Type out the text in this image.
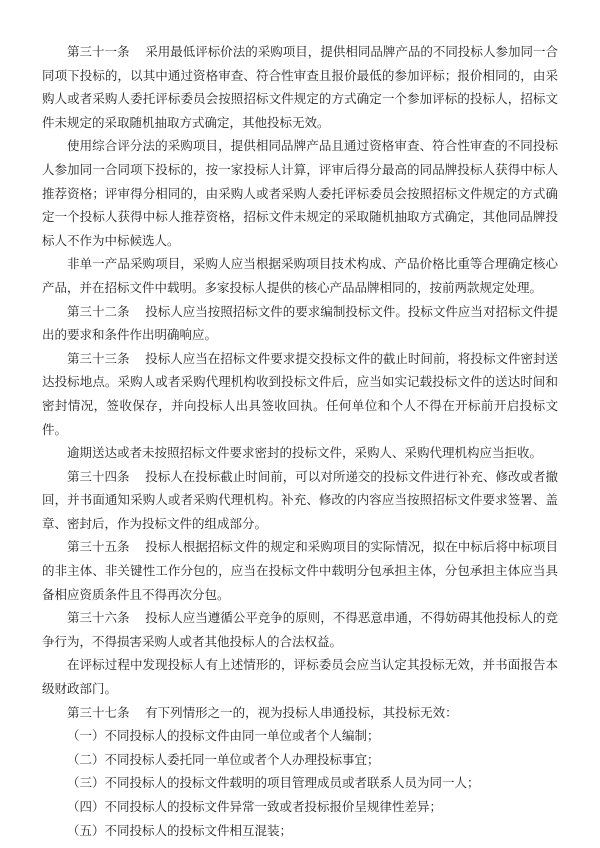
第三十一条　 采用最低评标价法的采购项目，提供相同品牌产品的不同投标人参加同一合同项下投标的，以其中通过资格审查、符合性审查且报价最低的参加评标；报价相同的，由采购人或者采购人委托评标委员会按照招标文件规定的方式确定一个参加评标的投标人，招标文件未规定的采取随机抽取方式确定，其他投标无效。

使用综合评分法的采购项目，提供相同品牌产品且通过资格审查、符合性审查的不同投标人参加同一合同项下投标的，按一家投标人计算，评审后得分最高的同品牌投标人获得中标人推荐资格；评审得分相同的，由采购人或者采购人委托评标委员会按照招标文件规定的方式确定一个投标人获得中标人推荐资格，招标文件未规定的采取随机抽取方式确定，其他同品牌投标人不作为中标候选人。

非单一产品采购项目，采购人应当根据采购项目技术构成、产品价格比重等合理确定核心产品，并在招标文件中载明。多家投标人提供的核心产品品牌相同的，按前两款规定处理。

第三十二条　 投标人应当按照招标文件的要求编制投标文件。投标文件应当对招标文件提出的要求和条件作出明确响应。

第三十三条　 投标人应当在招标文件要求提交投标文件的截止时间前，将投标文件密封送达投标地点。采购人或者采购代理机构收到投标文件后，应当如实记载投标文件的送达时间和密封情况，签收保存，并向投标人出具签收回执。任何单位和个人不得在开标前开启投标文件。

逾期送达或者未按照招标文件要求密封的投标文件，采购人、采购代理机构应当拒收。

第三十四条　 投标人在投标截止时间前，可以对所递交的投标文件进行补充、修改或者撤回，并书面通知采购人或者采购代理机构。补充、修改的内容应当按照招标文件要求签署、盖章、密封后，作为投标文件的组成部分。

第三十五条　 投标人根据招标文件的规定和采购项目的实际情况，拟在中标后将中标项目的非主体、非关键性工作分包的，应当在投标文件中载明分包承担主体，分包承担主体应当具备相应资质条件且不得再次分包。

第三十六条　 投标人应当遵循公平竞争的原则，不得恶意串通，不得妨碍其他投标人的竞争行为，不得损害采购人或者其他投标人的合法权益。

在评标过程中发现投标人有上述情形的，评标委员会应当认定其投标无效，并书面报告本级财政部门。

第三十七条　 有下列情形之一的，视为投标人串通投标，其投标无效：

（一）不同投标人的投标文件由同一单位或者个人编制；

（二）不同投标人委托同一单位或者个人办理投标事宜；

（三）不同投标人的投标文件载明的项目管理成员或者联系人员为同一人；

（四）不同投标人的投标文件异常一致或者投标报价呈规律性差异；

（五）不同投标人的投标文件相互混装；
